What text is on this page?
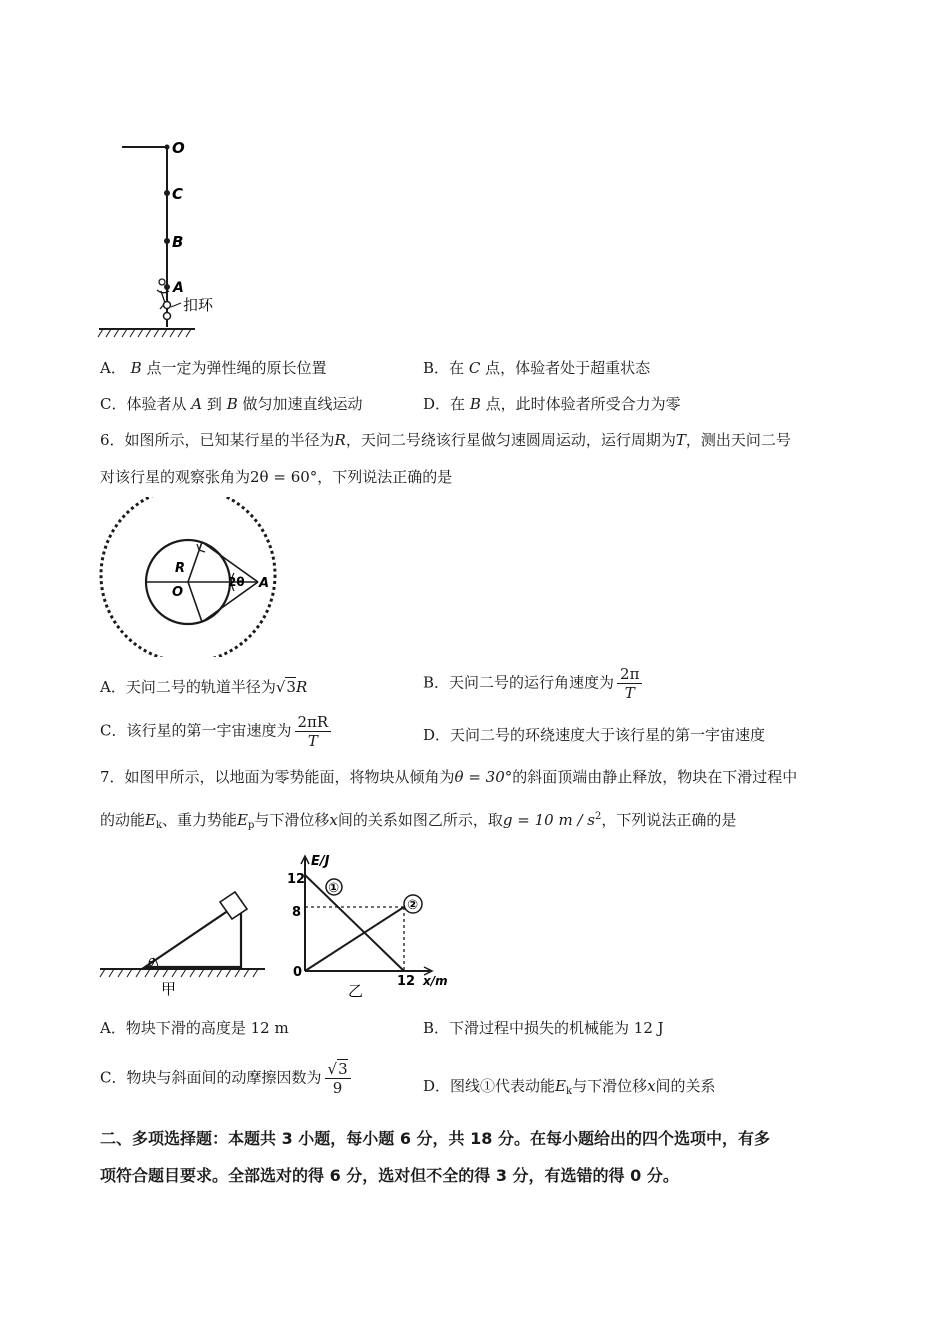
O
C
B
A
扣环
A． B 点一定为弹性绳的原长位置	B．在 C 点，体验者处于超重状态
C．体验者从 A 到 B 做匀加速直线运动	D．在 B 点，此时体验者所受合力为零
6．如图所示，已知某行星的半径为R，天问二号绕该行星做匀速圆周运动，运行周期为T，测出天问二号
对该行星的观察张角为2θ = 60°，下列说法正确的是
R
O
2θ A
A．天问二号的轨道半径为√3R	B．天问二号的运行角速度为 $\frac{2\pi}{T}$
C．该行星的第一宇宙速度为 $\frac{2\pi R}{T}$	D．天问二号的环绕速度大于该行星的第一宇宙速度
7．如图甲所示，以地面为零势能面，将物块从倾角为θ = 30°的斜面顶端由静止释放，物块在下滑过程中
的动能$E_k$、重力势能$E_p$与下滑位移x间的关系如图乙所示，取g = 10 m / $s^2$，下列说法正确的是
θ
甲
E/J
12
8
0
12 x/m
①
②
乙
A．物块下滑的高度是 12 m	B．下滑过程中损失的机械能为 12 J
C．物块与斜面间的动摩擦因数为 $\frac{√3}{9}$	D．图线①代表动能$E_k$与下滑位移x间的关系
二、多项选择题：本题共 3 小题，每小题 6 分，共 18 分。在每小题给出的四个选项中，有多
项符合题目要求。全部选对的得 6 分，选对但不全的得 3 分，有选错的得 0 分。
